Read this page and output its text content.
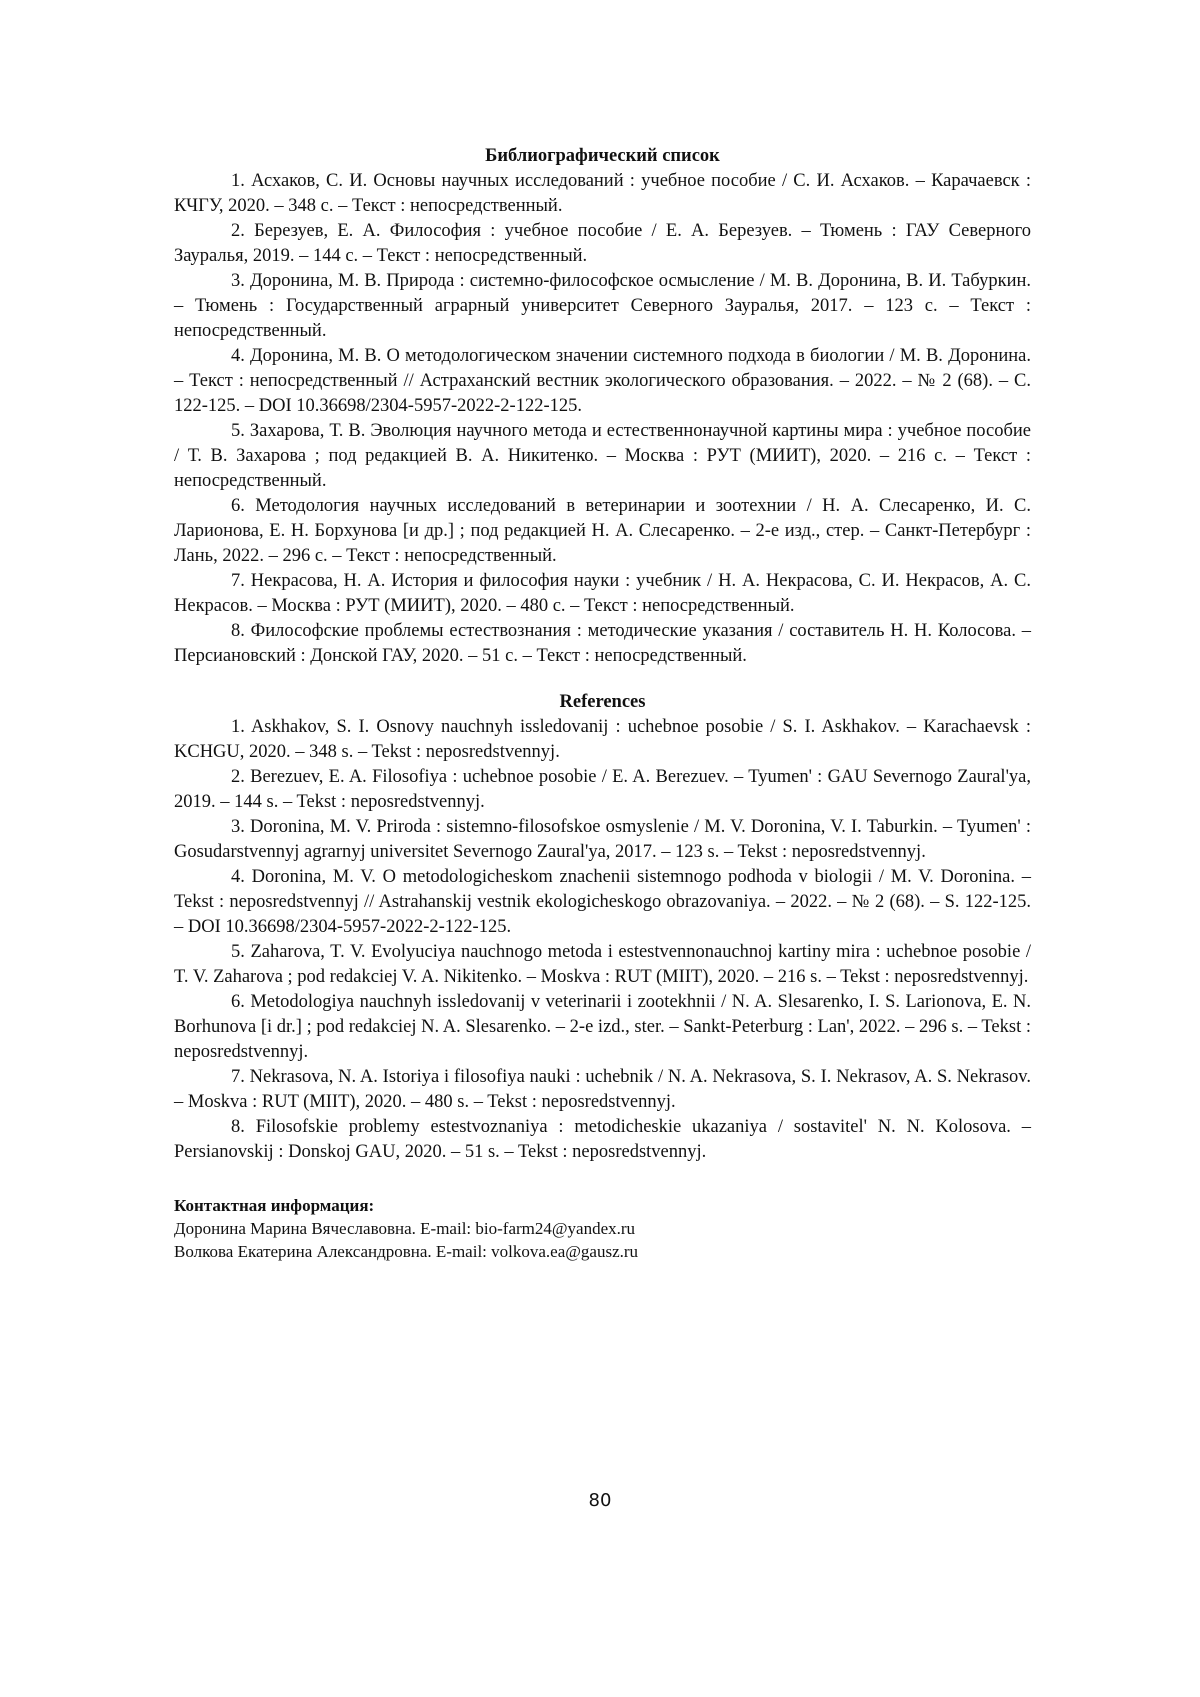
Библиографический список
1. Асхаков, С. И. Основы научных исследований : учебное пособие / С. И. Асхаков. – Карачаевск : КЧГУ, 2020. – 348 с. – Текст : непосредственный.
2. Березуев, Е. А. Философия : учебное пособие / Е. А. Березуев. – Тюмень : ГАУ Северного Зауралья, 2019. – 144 с. – Текст : непосредственный.
3. Доронина, М. В. Природа : системно-философское осмысление / М. В. Доронина, В. И. Табуркин. – Тюмень : Государственный аграрный университет Северного Зауралья, 2017. – 123 с. – Текст : непосредственный.
4. Доронина, М. В. О методологическом значении системного подхода в биологии / М. В. Доронина. – Текст : непосредственный // Астраханский вестник экологического образования. – 2022. – № 2 (68). – С. 122-125. – DOI 10.36698/2304-5957-2022-2-122-125.
5. Захарова, Т. В. Эволюция научного метода и естественнонаучной картины мира : учебное пособие / Т. В. Захарова ; под редакцией В. А. Никитенко. – Москва : РУТ (МИИТ), 2020. – 216 с. – Текст : непосредственный.
6. Методология научных исследований в ветеринарии и зоотехнии / Н. А. Слесаренко, И. С. Ларионова, Е. Н. Борхунова [и др.] ; под редакцией Н. А. Слесаренко. – 2-е изд., стер. – Санкт-Петербург : Лань, 2022. – 296 с. – Текст : непосредственный.
7. Некрасова, Н. А. История и философия науки : учебник / Н. А. Некрасова, С. И. Некрасов, А. С. Некрасов. – Москва : РУТ (МИИТ), 2020. – 480 с. – Текст : непосредственный.
8. Философские проблемы естествознания : методические указания / составитель Н. Н. Колосова. – Персиановский : Донской ГАУ, 2020. – 51 с. – Текст : непосредственный.
References
1. Askhakov, S. I. Osnovy nauchnyh issledovanij : uchebnoe posobie / S. I. Askhakov. – Karachaevsk : KCHGU, 2020. – 348 s. – Tekst : neposredstvennyj.
2. Berezuev, E. A. Filosofiya : uchebnoe posobie / E. A. Berezuev. – Tyumen' : GAU Severnogo Zaural'ya, 2019. – 144 s. – Tekst : neposredstvennyj.
3. Doronina, M. V. Priroda : sistemno-filosofskoe osmyslenie / M. V. Doronina, V. I. Taburkin. – Tyumen' : Gosudarstvennyj agrarnyj universitet Severnogo Zaural'ya, 2017. – 123 s. – Tekst : neposredstvennyj.
4. Doronina, M. V. O metodologicheskom znachenii sistemnogo podhoda v biologii / M. V. Doronina. – Tekst : neposredstvennyj // Astrahanskij vestnik ekologicheskogo obrazovaniya. – 2022. – № 2 (68). – S. 122-125. – DOI 10.36698/2304-5957-2022-2-122-125.
5. Zaharova, T. V. Evolyuciya nauchnogo metoda i estestvennonauchnoj kartiny mira : uchebnoe posobie / T. V. Zaharova ; pod redakciej V. A. Nikitenko. – Moskva : RUT (MIIT), 2020. – 216 s. – Tekst : neposredstvennyj.
6. Metodologiya nauchnyh issledovanij v veterinarii i zootekhnii / N. A. Slesarenko, I. S. Larionova, E. N. Borhunova [i dr.] ; pod redakciej N. A. Slesarenko. – 2-e izd., ster. – Sankt-Peterburg : Lan', 2022. – 296 s. – Tekst : neposredstvennyj.
7. Nekrasova, N. A. Istoriya i filosofiya nauki : uchebnik / N. A. Nekrasova, S. I. Nekrasov, A. S. Nekrasov. – Moskva : RUT (MIIT), 2020. – 480 s. – Tekst : neposredstvennyj.
8. Filosofskie problemy estestvoznaniya : metodicheskie ukazaniya / sostavitel' N. N. Kolosova. – Persianovskij : Donskoj GAU, 2020. – 51 s. – Tekst : neposredstvennyj.
Контактная информация:
Доронина Марина Вячеславовна. E-mail: bio-farm24@yandex.ru
Волкова Екатерина Александровна. E-mail: volkova.ea@gausz.ru
80
